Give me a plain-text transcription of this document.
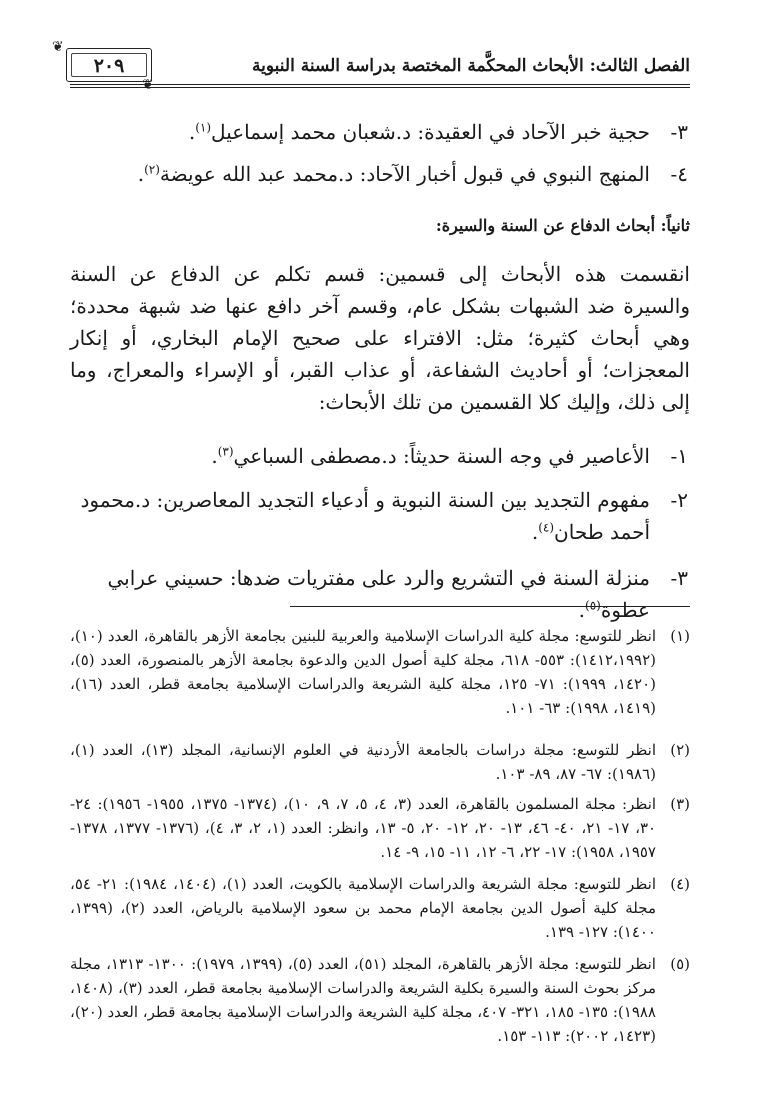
❦
٢٠٩
❦
الفصل الثالث: الأبحاث المحكَّمة المختصة بدراسة السنة النبوية
٣-
حجية خبر الآحاد في العقيدة: د.شعبان محمد إسماعيل$^{(١)}$.
٤-
المنهج النبوي في قبول أخبار الآحاد: د.محمد عبد الله عويضة$^{(٢)}$.
ثانياً: أبحاث الدفاع عن السنة والسيرة:
انقسمت هذه الأبحاث إلى قسمين: قسم تكلم عن الدفاع عن السنة والسيرة ضد الشبهات بشكل عام، وقسم آخر دافع عنها ضد شبهة محددة؛ وهي أبحاث كثيرة؛ مثل: الافتراء على صحيح الإمام البخاري، أو إنكار المعجزات؛ أو أحاديث الشفاعة، أو عذاب القبر، أو الإسراء والمعراج، وما إلى ذلك، وإليك كلا القسمين من تلك الأبحاث:
١-
الأعاصير في وجه السنة حديثاً: د.مصطفى السباعي$^{(٣)}$.
٢-
مفهوم التجديد بين السنة النبوية و أدعياء التجديد المعاصرين: د.محمود أحمد طحان$^{(٤)}$.
٣-
منزلة السنة في التشريع والرد على مفتريات ضدها: حسيني عرابي عطوة$^{(٥)}$.
(١)
انظر للتوسع: مجلة كلية الدراسات الإسلامية والعربية للبنين بجامعة الأزهر بالقاهرة، العدد (١٠)، (١٤١٢،١٩٩٢): ٥٥٣- ٦١٨، مجلة كلية أصول الدين والدعوة بجامعة الأزهر بالمنصورة، العدد (٥)، (١٤٢٠، ١٩٩٩): ٧١- ١٢٥، مجلة كلية الشريعة والدراسات الإسلامية بجامعة قطر، العدد (١٦)، (١٤١٩، ١٩٩٨): ٦٣- ١٠١.
(٢)
انظر للتوسع: مجلة دراسات بالجامعة الأردنية في العلوم الإنسانية، المجلد (١٣)، العدد (١)، (١٩٨٦): ٦٧- ٨٧، ٨٩- ١٠٣.
(٣)
انظر: مجلة المسلمون بالقاهرة، العدد (٣، ٤، ٥، ٧، ٩، ١٠)، (١٣٧٤- ١٣٧٥، ١٩٥٥- ١٩٥٦): ٢٤- ٣٠، ١٧- ٢١، ٤٠- ٤٦، ١٣- ٢٠، ١٢- ٢٠، ٥- ١٣، وانظر: العدد (١، ٢، ٣، ٤)، (١٣٧٦- ١٣٧٧، ١٣٧٨- ١٩٥٧، ١٩٥٨): ١٧- ٢٢، ٦- ١٢، ١١- ١٥، ٩- ١٤.
(٤)
انظر للتوسع: مجلة الشريعة والدراسات الإسلامية بالكويت، العدد (١)، (١٤٠٤، ١٩٨٤): ٢١- ٥٤، مجلة كلية أصول الدين بجامعة الإمام محمد بن سعود الإسلامية بالرياض، العدد (٢)، (١٣٩٩، ١٤٠٠): ١٢٧- ١٣٩.
(٥)
انظر للتوسع: مجلة الأزهر بالقاهرة، المجلد (٥١)، العدد (٥)، (١٣٩٩، ١٩٧٩): ١٣٠٠- ١٣١٣، مجلة مركز بحوث السنة والسيرة بكلية الشريعة والدراسات الإسلامية بجامعة قطر، العدد (٣)، (١٤٠٨، ١٩٨٨): ١٣٥- ١٨٥، ٣٢١- ٤٠٧، مجلة كلية الشريعة والدراسات الإسلامية بجامعة قطر، العدد (٢٠)، (١٤٢٣، ٢٠٠٢): ١١٣- ١٥٣.
